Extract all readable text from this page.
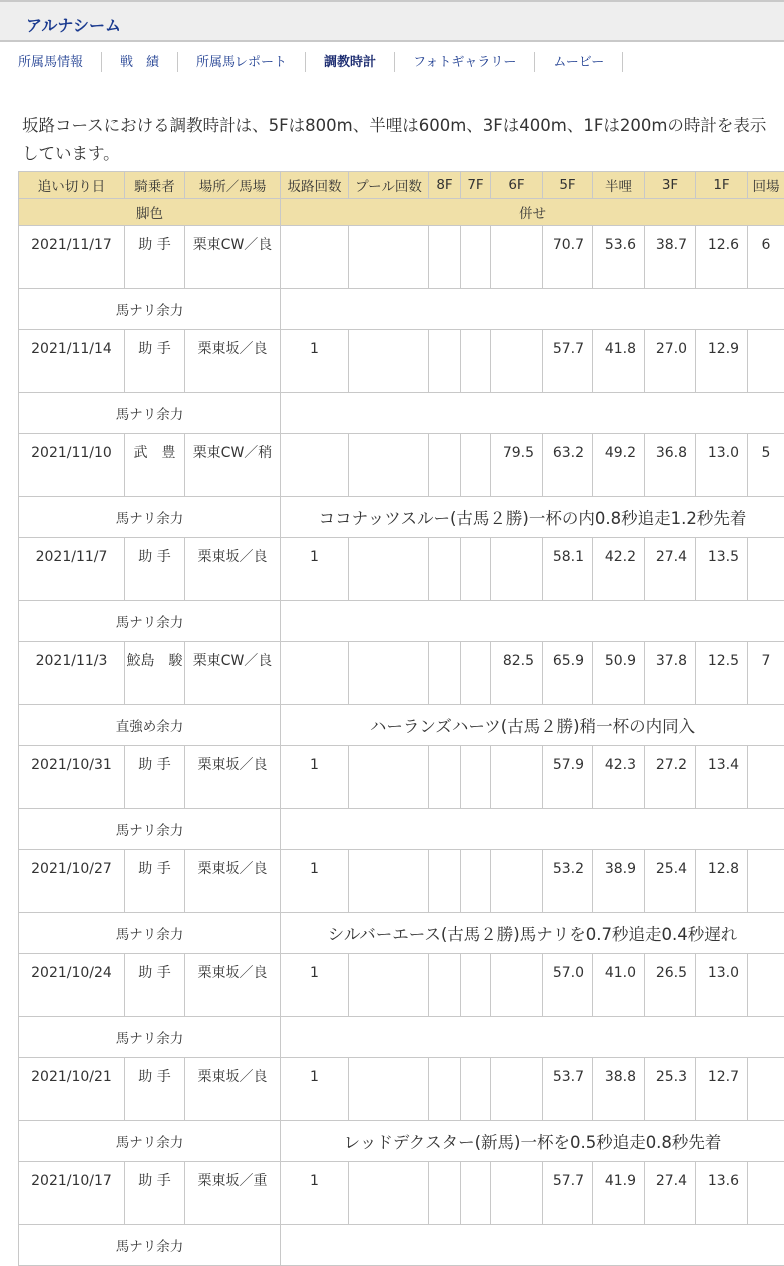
アルナシーム
所属馬情報	戦　績	所属馬レポート	調教時計	フォトギャラリー	ムービー
坂路コースにおける調教時計は、5Fは800m、半哩は600m、3Fは400m、1Fは200mの時計を表示しています。
追い切り日	騎乗者	場所／馬場	坂路回数	プール回数	8F	7F	6F	5F	半哩	3F	1F	回場
脚色			併せ									
2021/11/17	助 手	栗東CW／良						70.7	53.6	38.7	12.6	6
馬ナリ余力												
2021/11/14	助 手	栗東坂／良	1					57.7	41.8	27.0	12.9	
馬ナリ余力												
2021/11/10	武　豊	栗東CW／稍					79.5	63.2	49.2	36.8	13.0	5
馬ナリ余力			ココナッツスルー(古馬２勝)一杯の内0.8秒追走1.2秒先着									
2021/11/7	助 手	栗東坂／良	1					58.1	42.2	27.4	13.5	
馬ナリ余力												
2021/11/3	鮫島　駿	栗東CW／良					82.5	65.9	50.9	37.8	12.5	7
直強め余力			ハーランズハーツ(古馬２勝)稍一杯の内同入									
2021/10/31	助 手	栗東坂／良	1					57.9	42.3	27.2	13.4	
馬ナリ余力												
2021/10/27	助 手	栗東坂／良	1					53.2	38.9	25.4	12.8	
馬ナリ余力			シルバーエース(古馬２勝)馬ナリを0.7秒追走0.4秒遅れ									
2021/10/24	助 手	栗東坂／良	1					57.0	41.0	26.5	13.0	
馬ナリ余力												
2021/10/21	助 手	栗東坂／良	1					53.7	38.8	25.3	12.7	
馬ナリ余力			レッドデクスター(新馬)一杯を0.5秒追走0.8秒先着									
2021/10/17	助 手	栗東坂／重	1					57.7	41.9	27.4	13.6	
馬ナリ余力												
